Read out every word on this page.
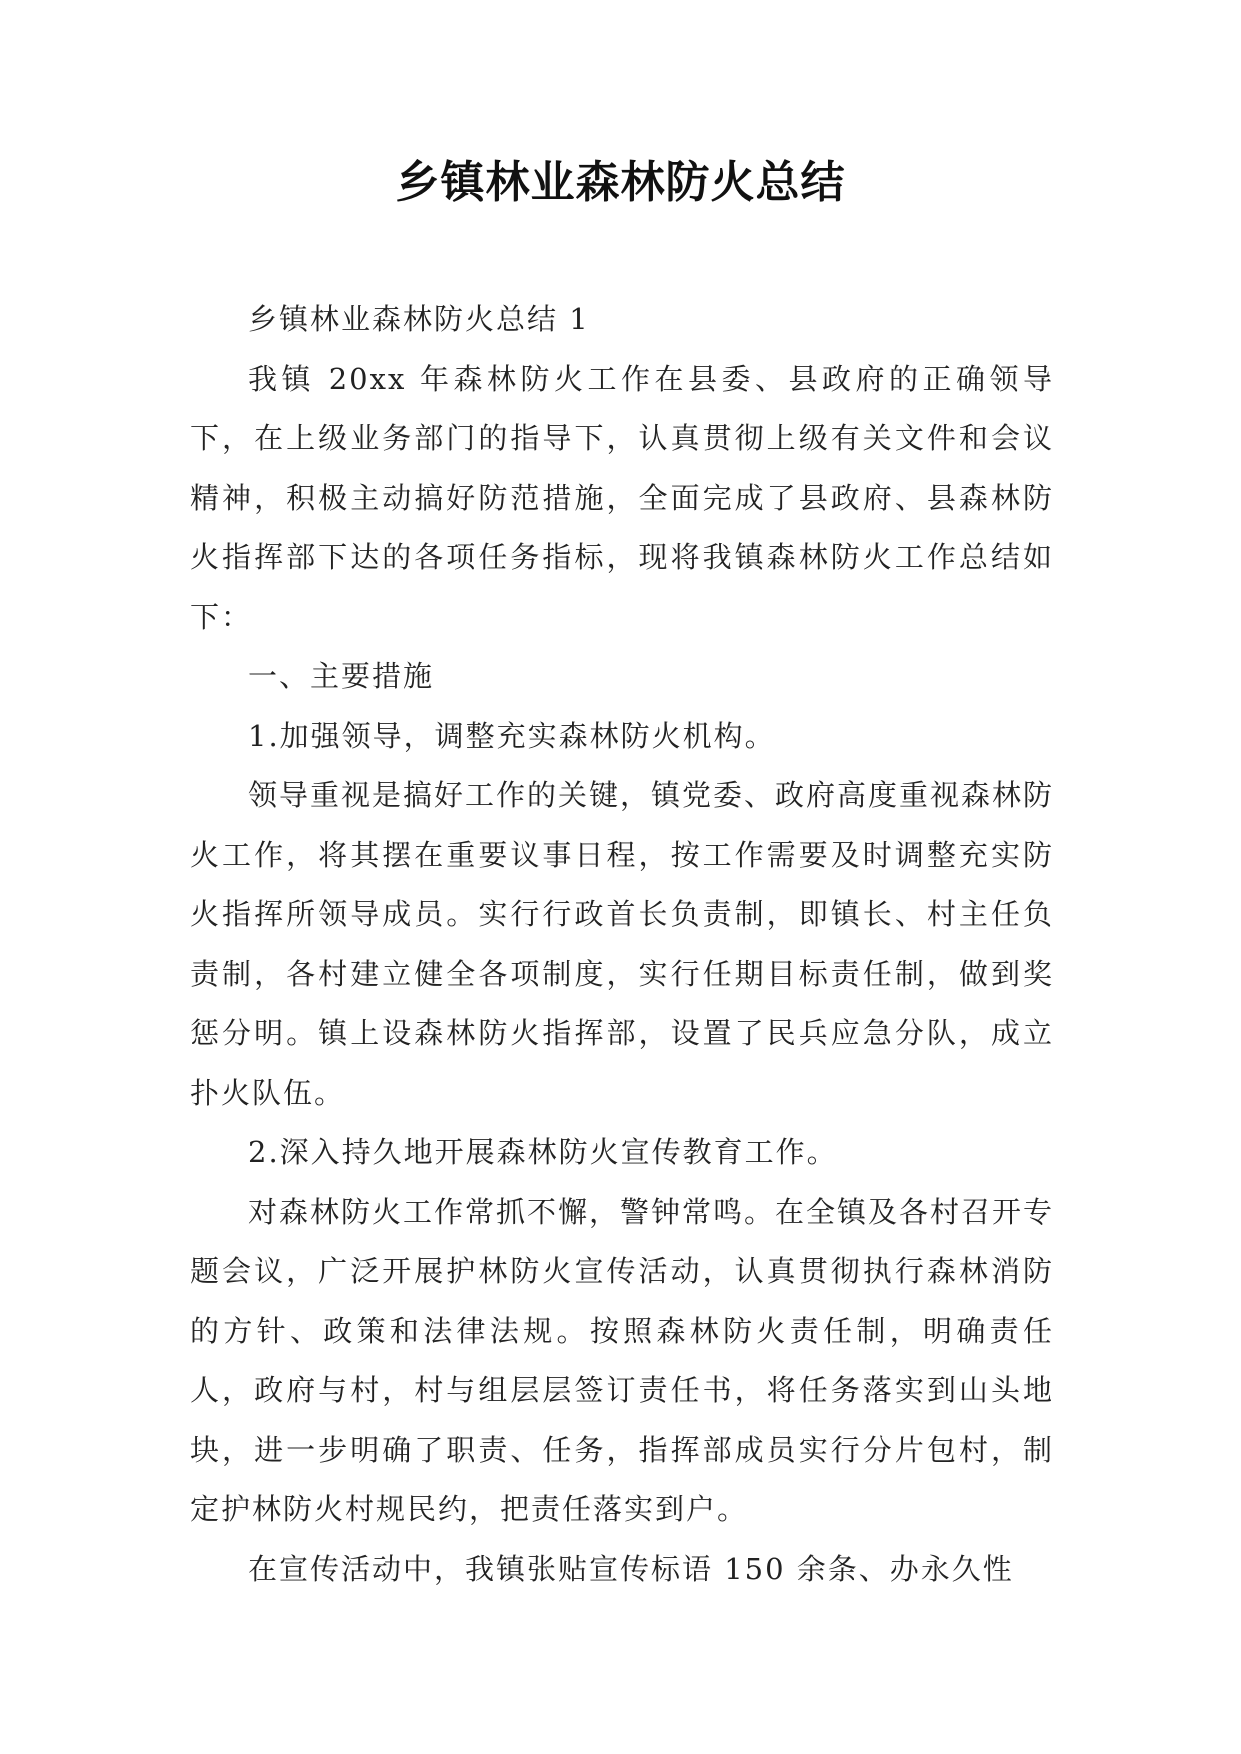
乡镇林业森林防火总结

乡镇林业森林防火总结 1

我镇 20xx 年森林防火工作在县委、县政府的正确领导下，在上级业务部门的指导下，认真贯彻上级有关文件和会议精神，积极主动搞好防范措施，全面完成了县政府、县森林防火指挥部下达的各项任务指标，现将我镇森林防火工作总结如下：

一、主要措施

1.加强领导，调整充实森林防火机构。

领导重视是搞好工作的关键，镇党委、政府高度重视森林防火工作，将其摆在重要议事日程，按工作需要及时调整充实防火指挥所领导成员。实行行政首长负责制，即镇长、村主任负责制，各村建立健全各项制度，实行任期目标责任制，做到奖惩分明。镇上设森林防火指挥部，设置了民兵应急分队，成立扑火队伍。

2.深入持久地开展森林防火宣传教育工作。

对森林防火工作常抓不懈，警钟常鸣。在全镇及各村召开专题会议，广泛开展护林防火宣传活动，认真贯彻执行森林消防的方针、政策和法律法规。按照森林防火责任制，明确责任人，政府与村，村与组层层签订责任书，将任务落实到山头地块，进一步明确了职责、任务，指挥部成员实行分片包村，制定护林防火村规民约，把责任落实到户。

在宣传活动中，我镇张贴宣传标语 150 余条、办永久性
